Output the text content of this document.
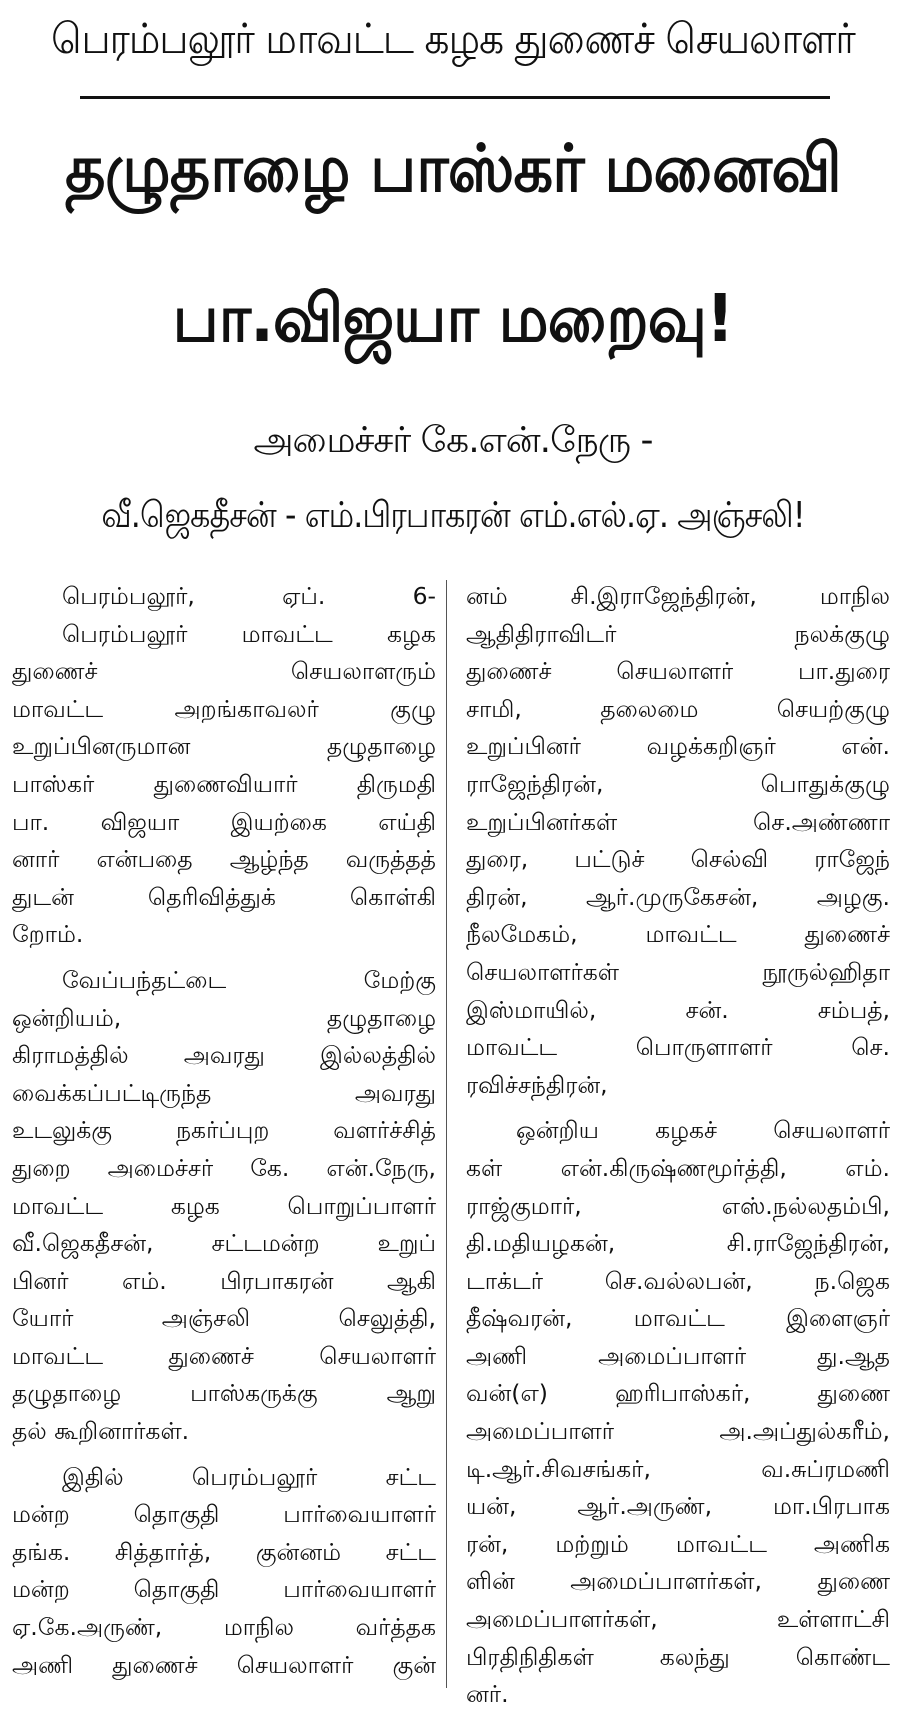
பெரம்பலூர் மாவட்ட கழக துணைச் செயலாளர்
தழுதாழை பாஸ்கர் மனைவி
பா.விஜயா மறைவு!
அமைச்சர் கே.என்.நேரு -
வீ.ஜெகதீசன் - எம்.பிரபாகரன் எம்.எல்.ஏ. அஞ்சலி!
பெரம்பலூர், ஏப். 6-
பெரம்பலூர் மாவட்ட கழக
துணைச் செயலாளரும்
மாவட்ட அறங்காவலர் குழு
உறுப்பினருமான தழுதாழை
பாஸ்கர் துணைவியார் திருமதி
பா. விஜயா இயற்கை எய்தி
னார் என்பதை ஆழ்ந்த வருத்தத்
துடன் தெரிவித்துக் கொள்கி
றோம்.
வேப்பந்தட்டை மேற்கு
ஒன்றியம், தழுதாழை
கிராமத்தில் அவரது இல்லத்தில்
வைக்கப்பட்டிருந்த அவரது
உடலுக்கு நகர்ப்புற வளர்ச்சித்
துறை அமைச்சர் கே. என்.நேரு,
மாவட்ட கழக பொறுப்பாளர்
வீ.ஜெகதீசன், சட்டமன்ற உறுப்
பினர் எம். பிரபாகரன் ஆகி
யோர் அஞ்சலி செலுத்தி,
மாவட்ட துணைச் செயலாளர்
தழுதாழை பாஸ்கருக்கு ஆறு
தல் கூறினார்கள்.
இதில் பெரம்பலூர் சட்ட
மன்ற தொகுதி பார்வையாளர்
தங்க. சித்தார்த், குன்னம் சட்ட
மன்ற தொகுதி பார்வையாளர்
ஏ.கே.அருண், மாநில வர்த்தக
அணி துணைச் செயலாளர் குன்
னம் சி.இராஜேந்திரன், மாநில
ஆதிதிராவிடர் நலக்குழு
துணைச் செயலாளர் பா.துரை
சாமி, தலைமை செயற்குழு
உறுப்பினர் வழக்கறிஞர் என்.
ராஜேந்திரன், பொதுக்குழு
உறுப்பினர்கள் செ.அண்ணா
துரை, பட்டுச் செல்வி ராஜேந்
திரன், ஆர்.முருகேசன், அழகு.
நீலமேகம், மாவட்ட துணைச்
செயலாளர்கள் நூருல்ஹிதா
இஸ்மாயில், சன். சம்பத்,
மாவட்ட பொருளாளர் செ.
ரவிச்சந்திரன்,
ஒன்றிய கழகச் செயலாளர்
கள் என்.கிருஷ்ணமூர்த்தி, எம்.
ராஜ்குமார், எஸ்.நல்லதம்பி,
தி.மதியழகன், சி.ராஜேந்திரன்,
டாக்டர் செ.வல்லபன், ந.ஜெக
தீஷ்வரன், மாவட்ட இளைஞர்
அணி அமைப்பாளர் து.ஆத
வன்(எ) ஹரிபாஸ்கர், துணை
அமைப்பாளர் அ.அப்துல்கரீம்,
டி.ஆர்.சிவசங்கர், வ.சுப்ரமணி
யன், ஆர்.அருண், மா.பிரபாக
ரன், மற்றும் மாவட்ட அணிக
ளின் அமைப்பாளர்கள், துணை
அமைப்பாளர்கள், உள்ளாட்சி
பிரதிநிதிகள் கலந்து கொண்ட
னர்.
